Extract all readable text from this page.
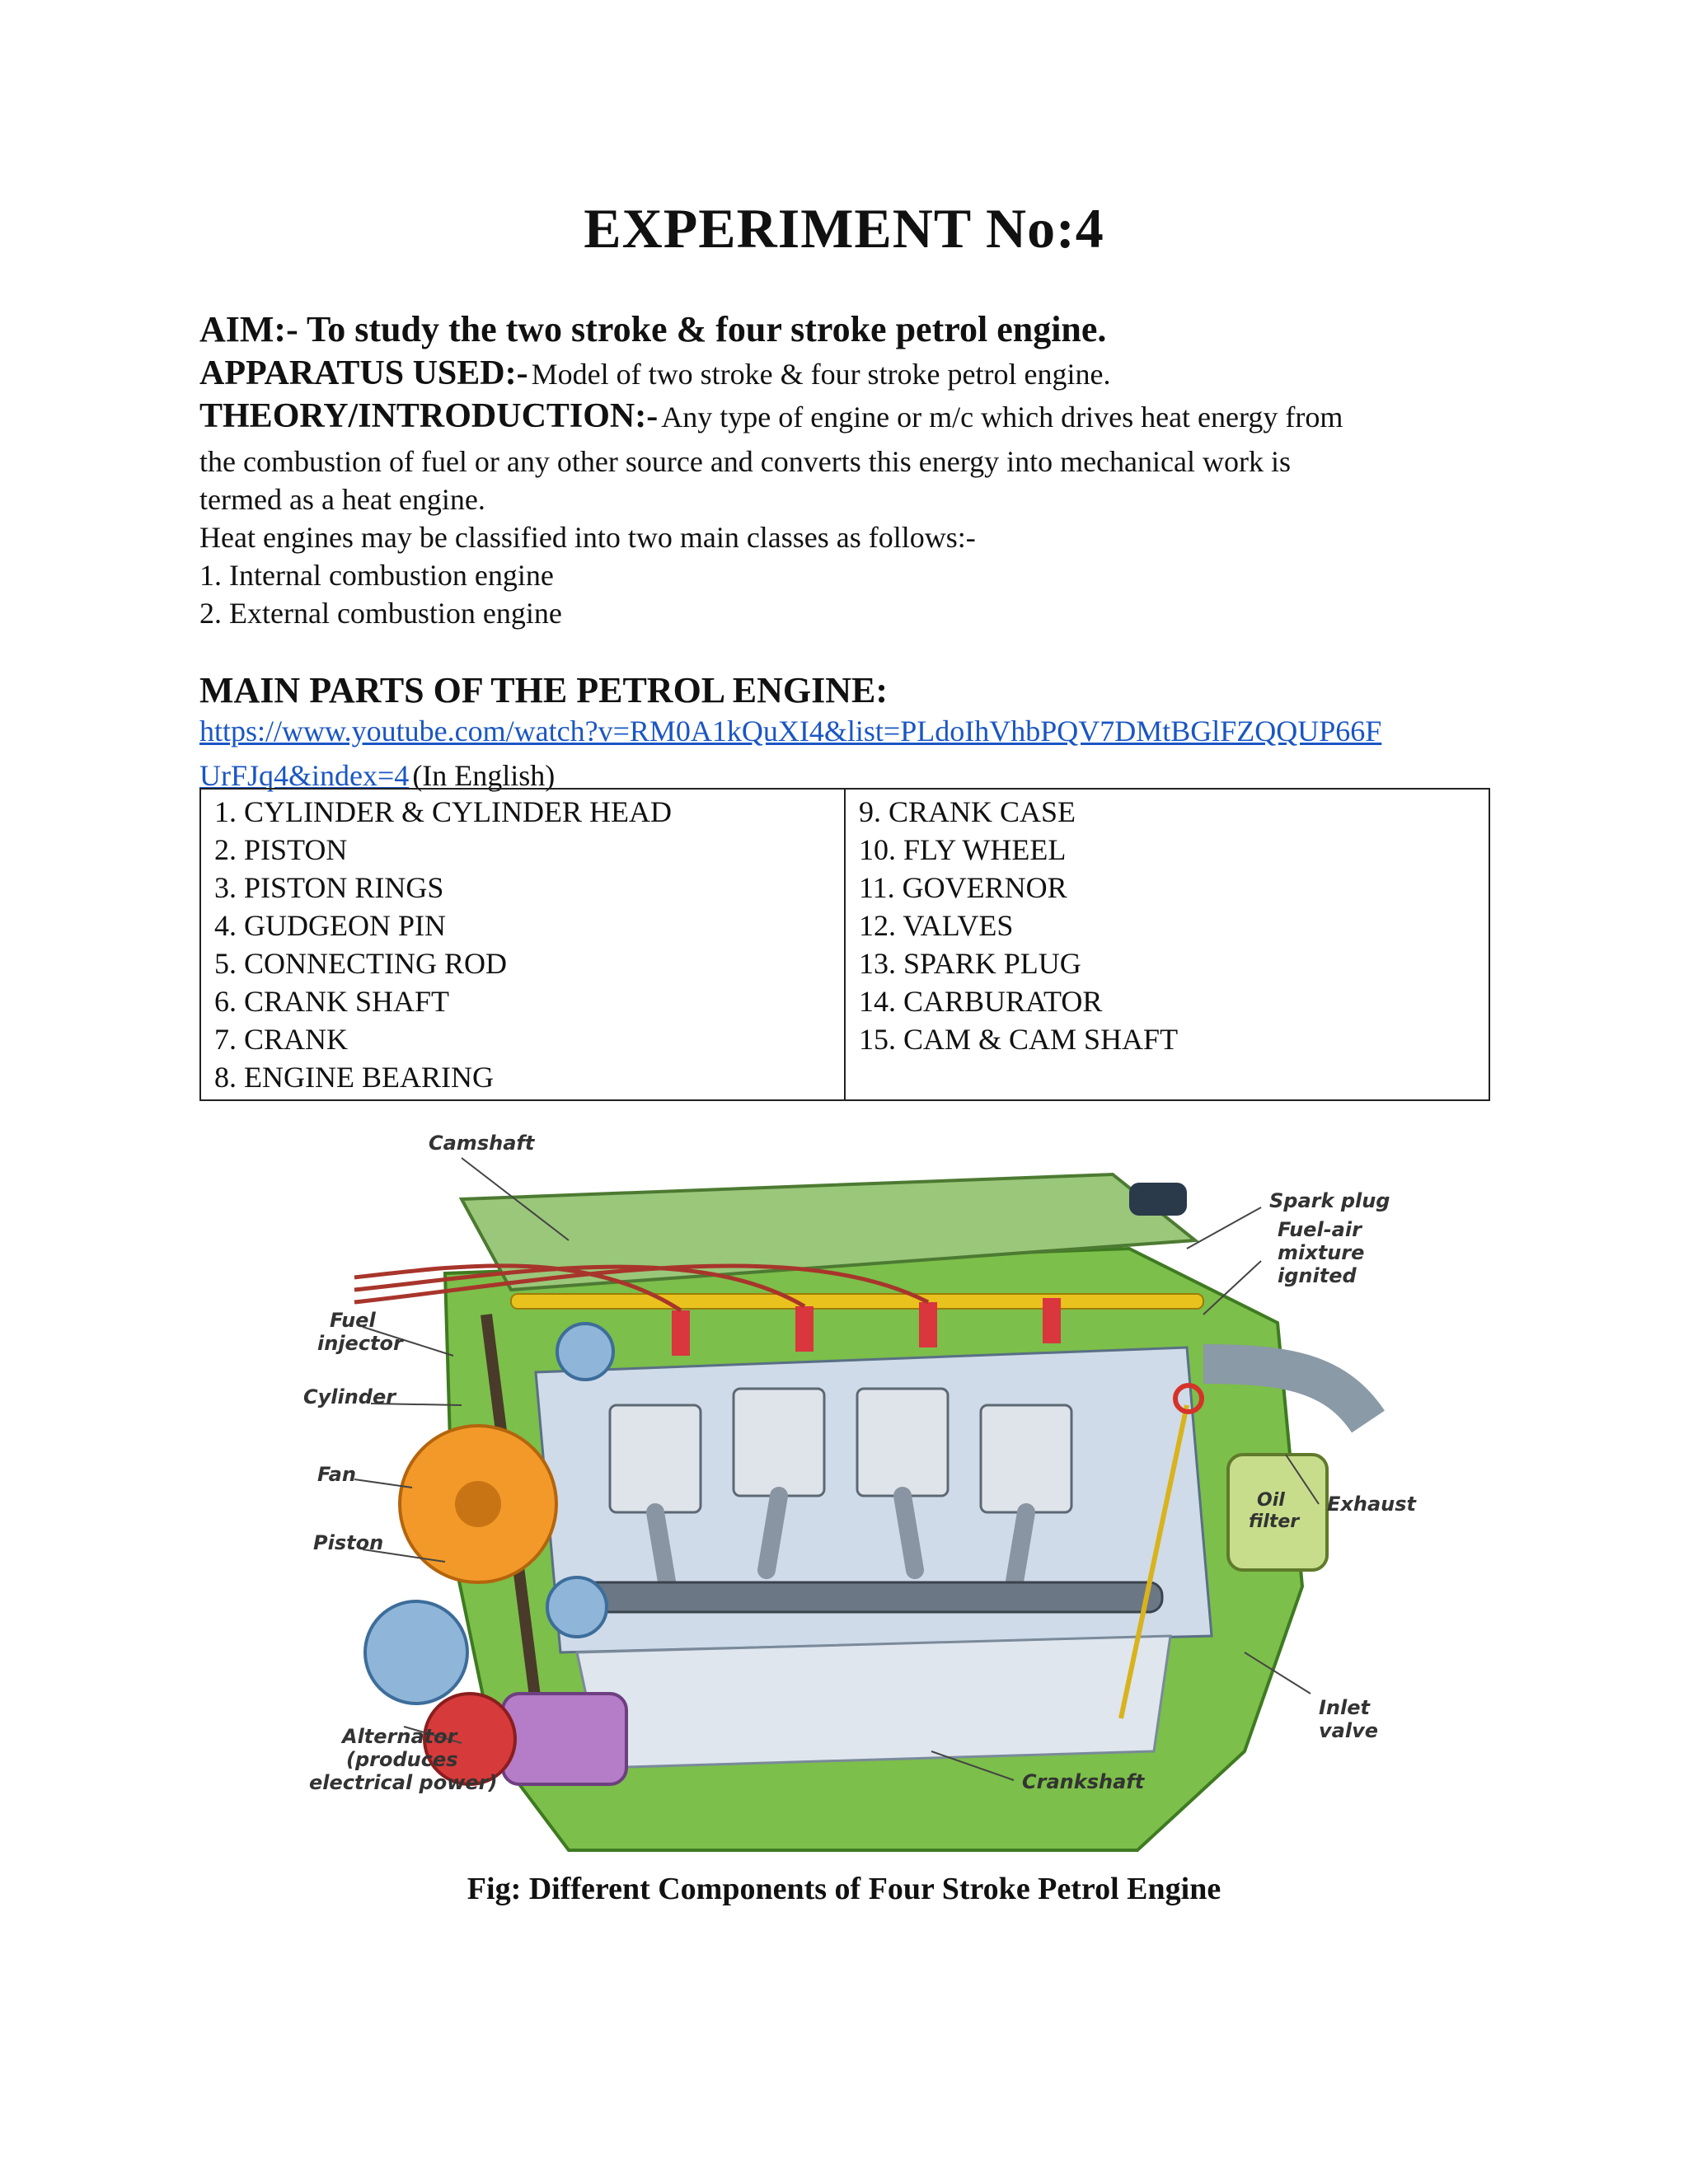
EXPERIMENT No:4
AIM:- To study the two stroke & four stroke petrol engine.
APPARATUS USED:- Model of two stroke & four stroke petrol engine.
THEORY/INTRODUCTION:- Any type of engine or m/c which drives heat energy from
the combustion of fuel or any other source and converts this energy into mechanical work is
termed as a heat engine.
Heat engines may be classified into two main classes as follows:-
1. Internal combustion engine
2. External combustion engine
MAIN PARTS OF THE PETROL ENGINE:
https://www.youtube.com/watch?v=RM0A1kQuXI4&list=PLdoIhVhbPQV7DMtBGlFZQQUP66F
UrFJq4&index=4 (In English)
1. CYLINDER & CYLINDER HEAD
2. PISTON
3. PISTON RINGS
4. GUDGEON PIN
5. CONNECTING ROD
6. CRANK SHAFT
7. CRANK
8. ENGINE BEARING

9. CRANK CASE
10. FLY WHEEL
11. GOVERNOR
12. VALVES
13. SPARK PLUG
14. CARBURATOR
15. CAM & CAM SHAFT
Camshaft
Spark plug
Fuel-air
mixture
ignited
Fuel
injector
Cylinder
Fan
Piston
Exhaust
Oil
filter
Inlet
valve
Alternator
(produces
electrical power)	Crankshaft
Fig: Different Components of Four Stroke Petrol Engine
